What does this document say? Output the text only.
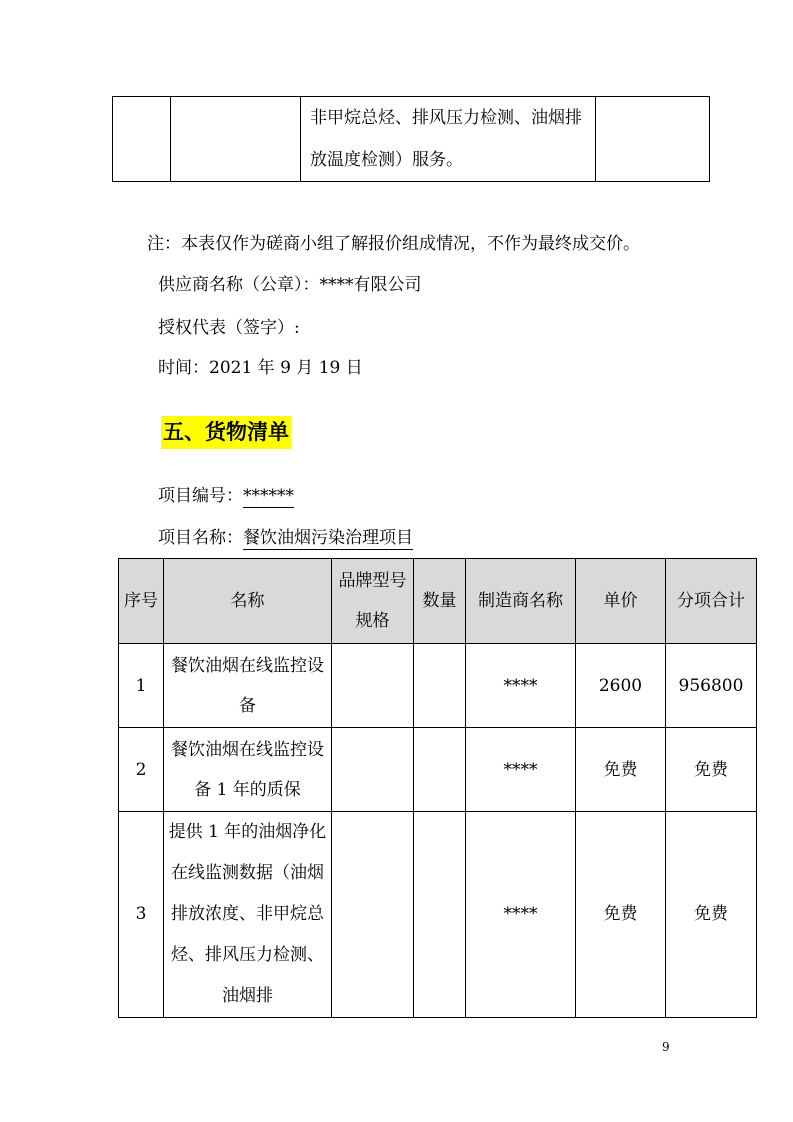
		非甲烷总烃、排风压力检测、油烟排放温度检测）服务。	
注：本表仅作为磋商小组了解报价组成情况，不作为最终成交价。
供应商名称（公章）：****有限公司
授权代表（签字）:
时间：2021 年 9 月 19 日
五、货物清单
项目编号：******
项目名称：餐饮油烟污染治理项目
序号	名称	品牌型号规格	数量	制造商名称	单价	分项合计
1	餐饮油烟在线监控设备			****	2600	956800
2	餐饮油烟在线监控设备 1 年的质保			****	免费	免费
3	提供 1 年的油烟净化在线监测数据（油烟排放浓度、非甲烷总烃、排风压力检测、油烟排			****	免费	免费
9
